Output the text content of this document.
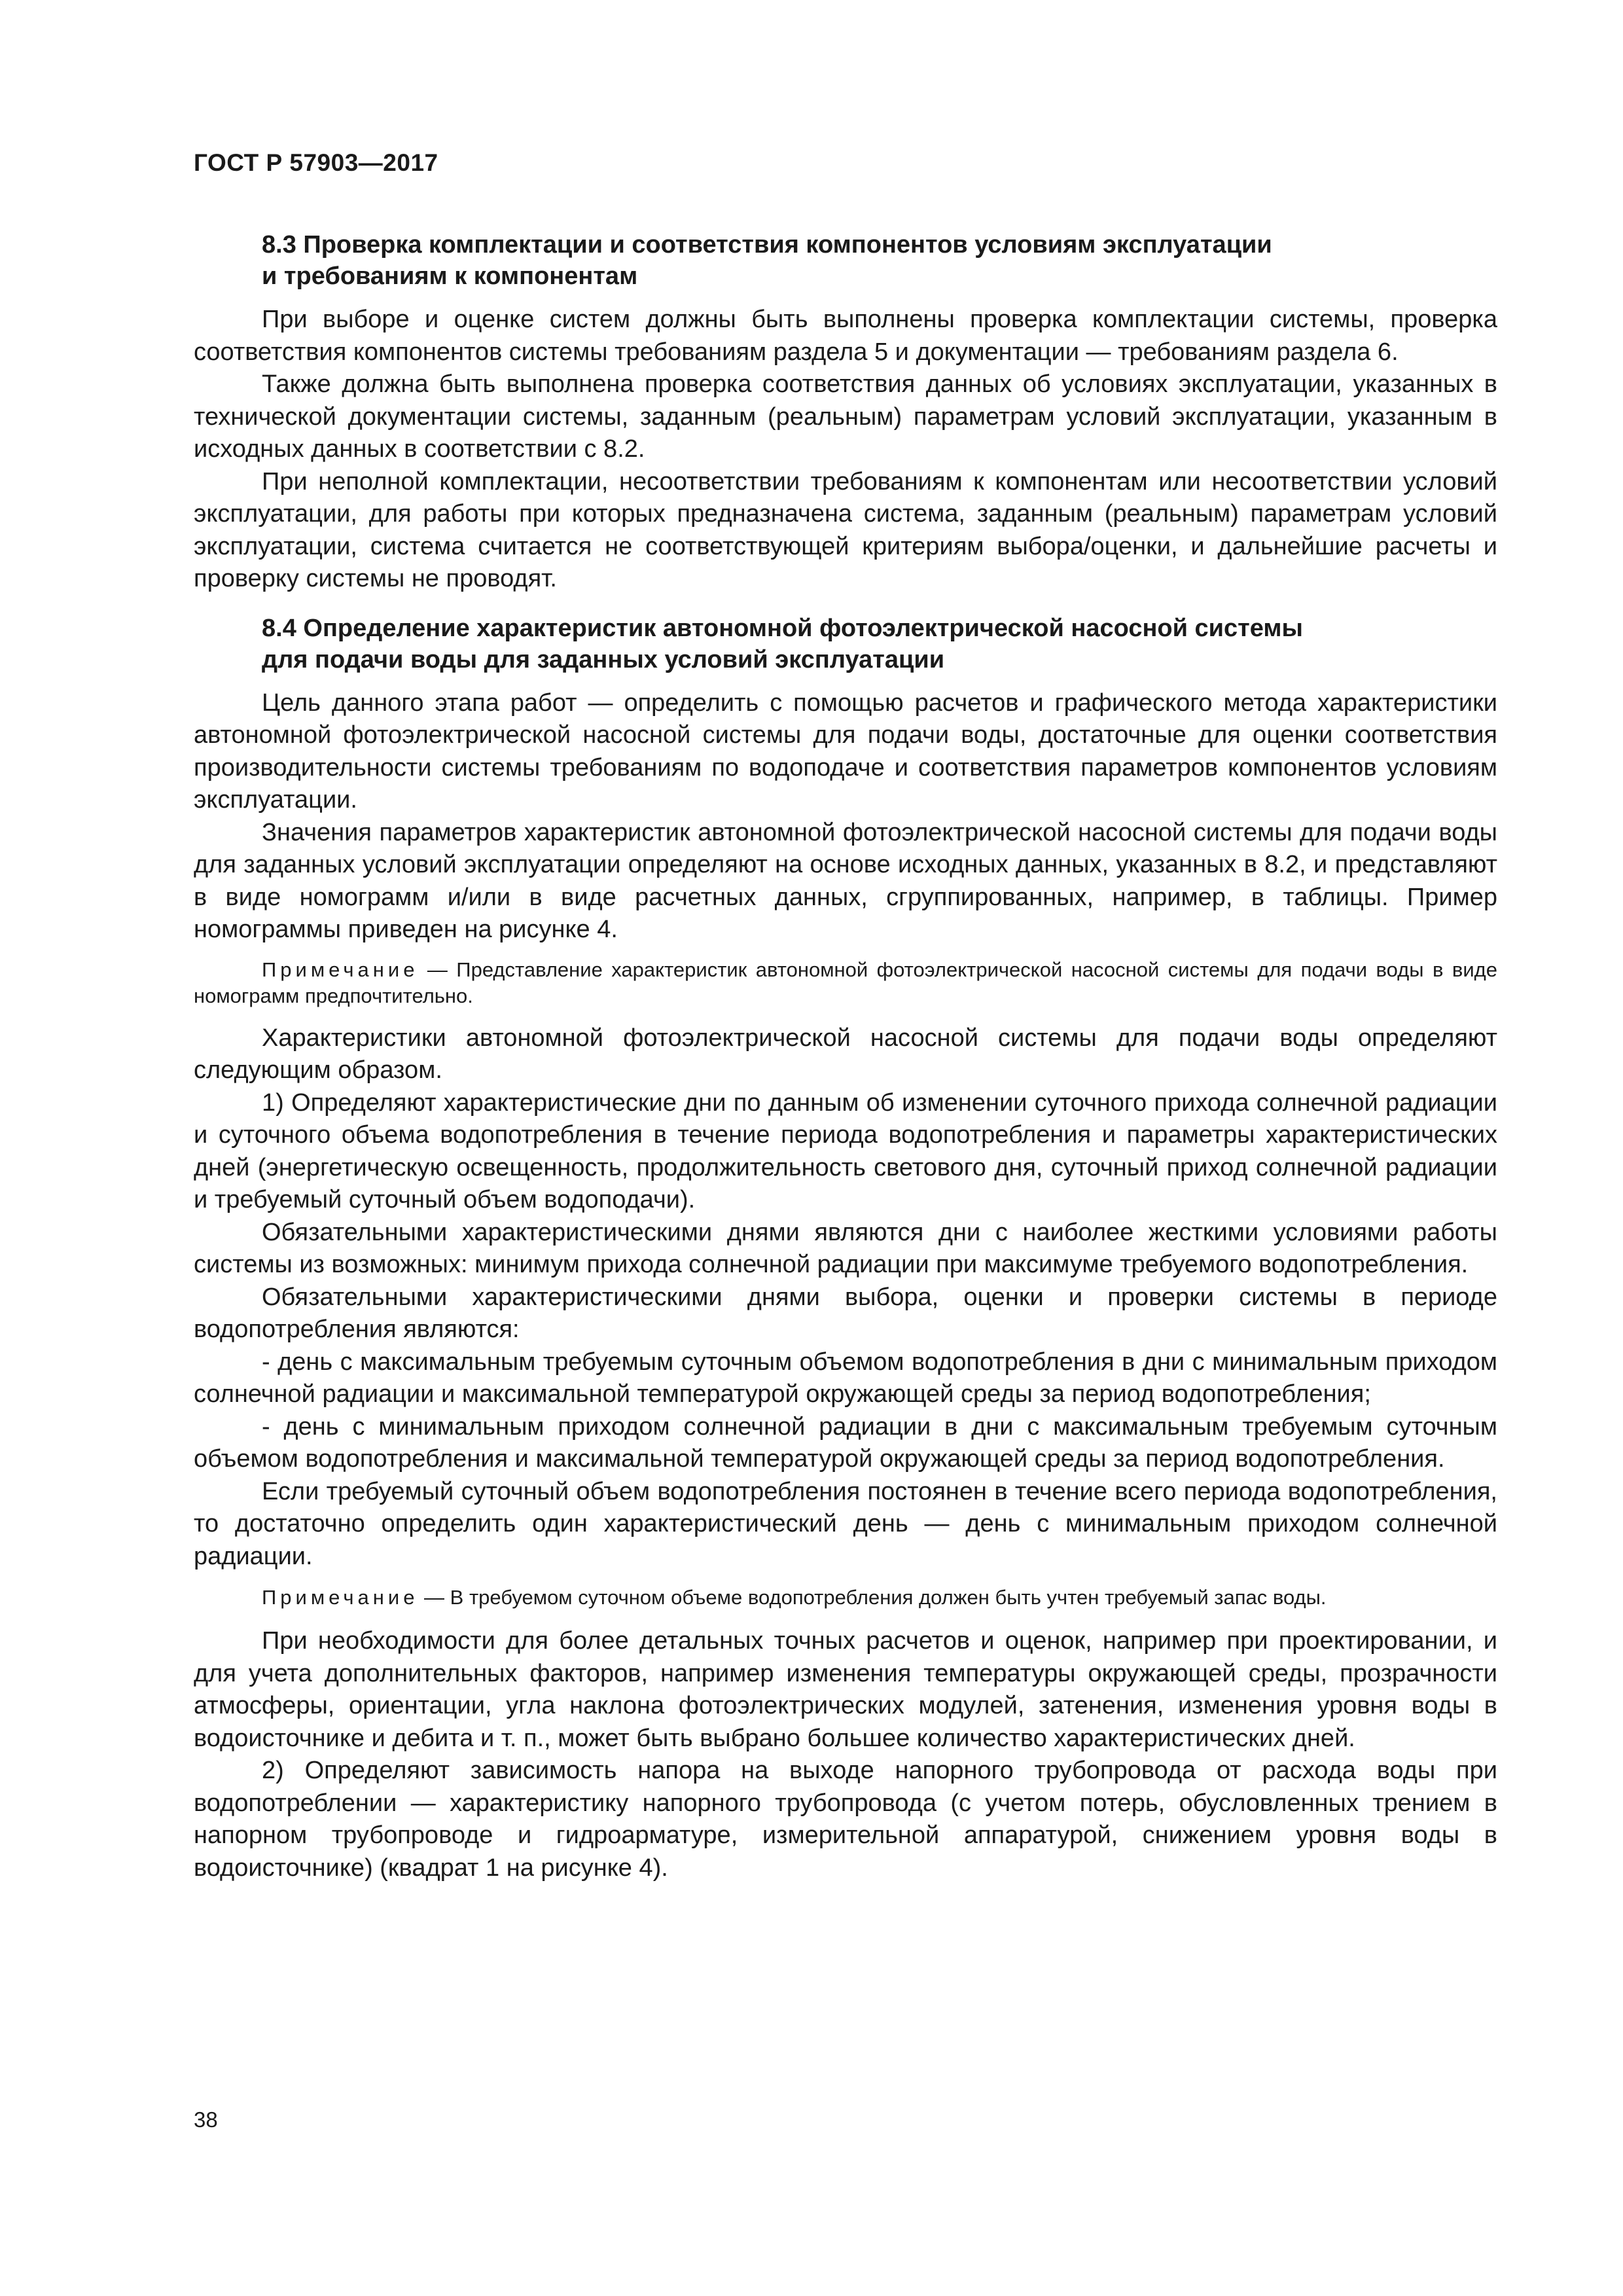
ГОСТ Р 57903—2017
8.3 Проверка комплектации и соответствия компонентов условиям эксплуатации
и требованиям к компонентам

При выборе и оценке систем должны быть выполнены проверка комплектации системы, проверка соответствия компонентов системы требованиям раздела 5 и документации — требованиям раздела 6.

Также должна быть выполнена проверка соответствия данных об условиях эксплуатации, указанных в технической документации системы, заданным (реальным) параметрам условий эксплуатации, указанным в исходных данных в соответствии с 8.2.

При неполной комплектации, несоответствии требованиям к компонентам или несоответствии условий эксплуатации, для работы при которых предназначена система, заданным (реальным) параметрам условий эксплуатации, система считается не соответствующей критериям выбора/оценки, и дальнейшие расчеты и проверку системы не проводят.

8.4 Определение характеристик автономной фотоэлектрической насосной системы
для подачи воды для заданных условий эксплуатации

Цель данного этапа работ — определить с помощью расчетов и графического метода характеристики автономной фотоэлектрической насосной системы для подачи воды, достаточные для оценки соответствия производительности системы требованиям по водоподаче и соответствия параметров компонентов условиям эксплуатации.

Значения параметров характеристик автономной фотоэлектрической насосной системы для подачи воды для заданных условий эксплуатации определяют на основе исходных данных, указанных в 8.2, и представляют в виде номограмм и/или в виде расчетных данных, сгруппированных, например, в таблицы. Пример номограммы приведен на рисунке 4.

Примечание — Представление характеристик автономной фотоэлектрической насосной системы для подачи воды в виде номограмм предпочтительно.

Характеристики автономной фотоэлектрической насосной системы для подачи воды определяют следующим образом.

1) Определяют характеристические дни по данным об изменении суточного прихода солнечной радиации и суточного объема водопотребления в течение периода водопотребления и параметры характеристических дней (энергетическую освещенность, продолжительность светового дня, суточный приход солнечной радиации и требуемый суточный объем водоподачи).

Обязательными характеристическими днями являются дни с наиболее жесткими условиями работы системы из возможных: минимум прихода солнечной радиации при максимуме требуемого водопотребления.

Обязательными характеристическими днями выбора, оценки и проверки системы в периоде водопотребления являются:

- день с максимальным требуемым суточным объемом водопотребления в дни с минимальным приходом солнечной радиации и максимальной температурой окружающей среды за период водопотребления;

- день с минимальным приходом солнечной радиации в дни с максимальным требуемым суточным объемом водопотребления и максимальной температурой окружающей среды за период водопотребления.

Если требуемый суточный объем водопотребления постоянен в течение всего периода водопотребления, то достаточно определить один характеристический день — день с минимальным приходом солнечной радиации.

Примечание — В требуемом суточном объеме водопотребления должен быть учтен требуемый запас воды.

При необходимости для более детальных точных расчетов и оценок, например при проектировании, и для учета дополнительных факторов, например изменения температуры окружающей среды, прозрачности атмосферы, ориентации, угла наклона фотоэлектрических модулей, затенения, изменения уровня воды в водоисточнике и дебита и т. п., может быть выбрано большее количество характеристических дней.

2) Определяют зависимость напора на выходе напорного трубопровода от расхода воды при водопотреблении — характеристику напорного трубопровода (с учетом потерь, обусловленных трением в напорном трубопроводе и гидроарматуре, измерительной аппаратурой, снижением уровня воды в водоисточнике) (квадрат 1 на рисунке 4).

38
